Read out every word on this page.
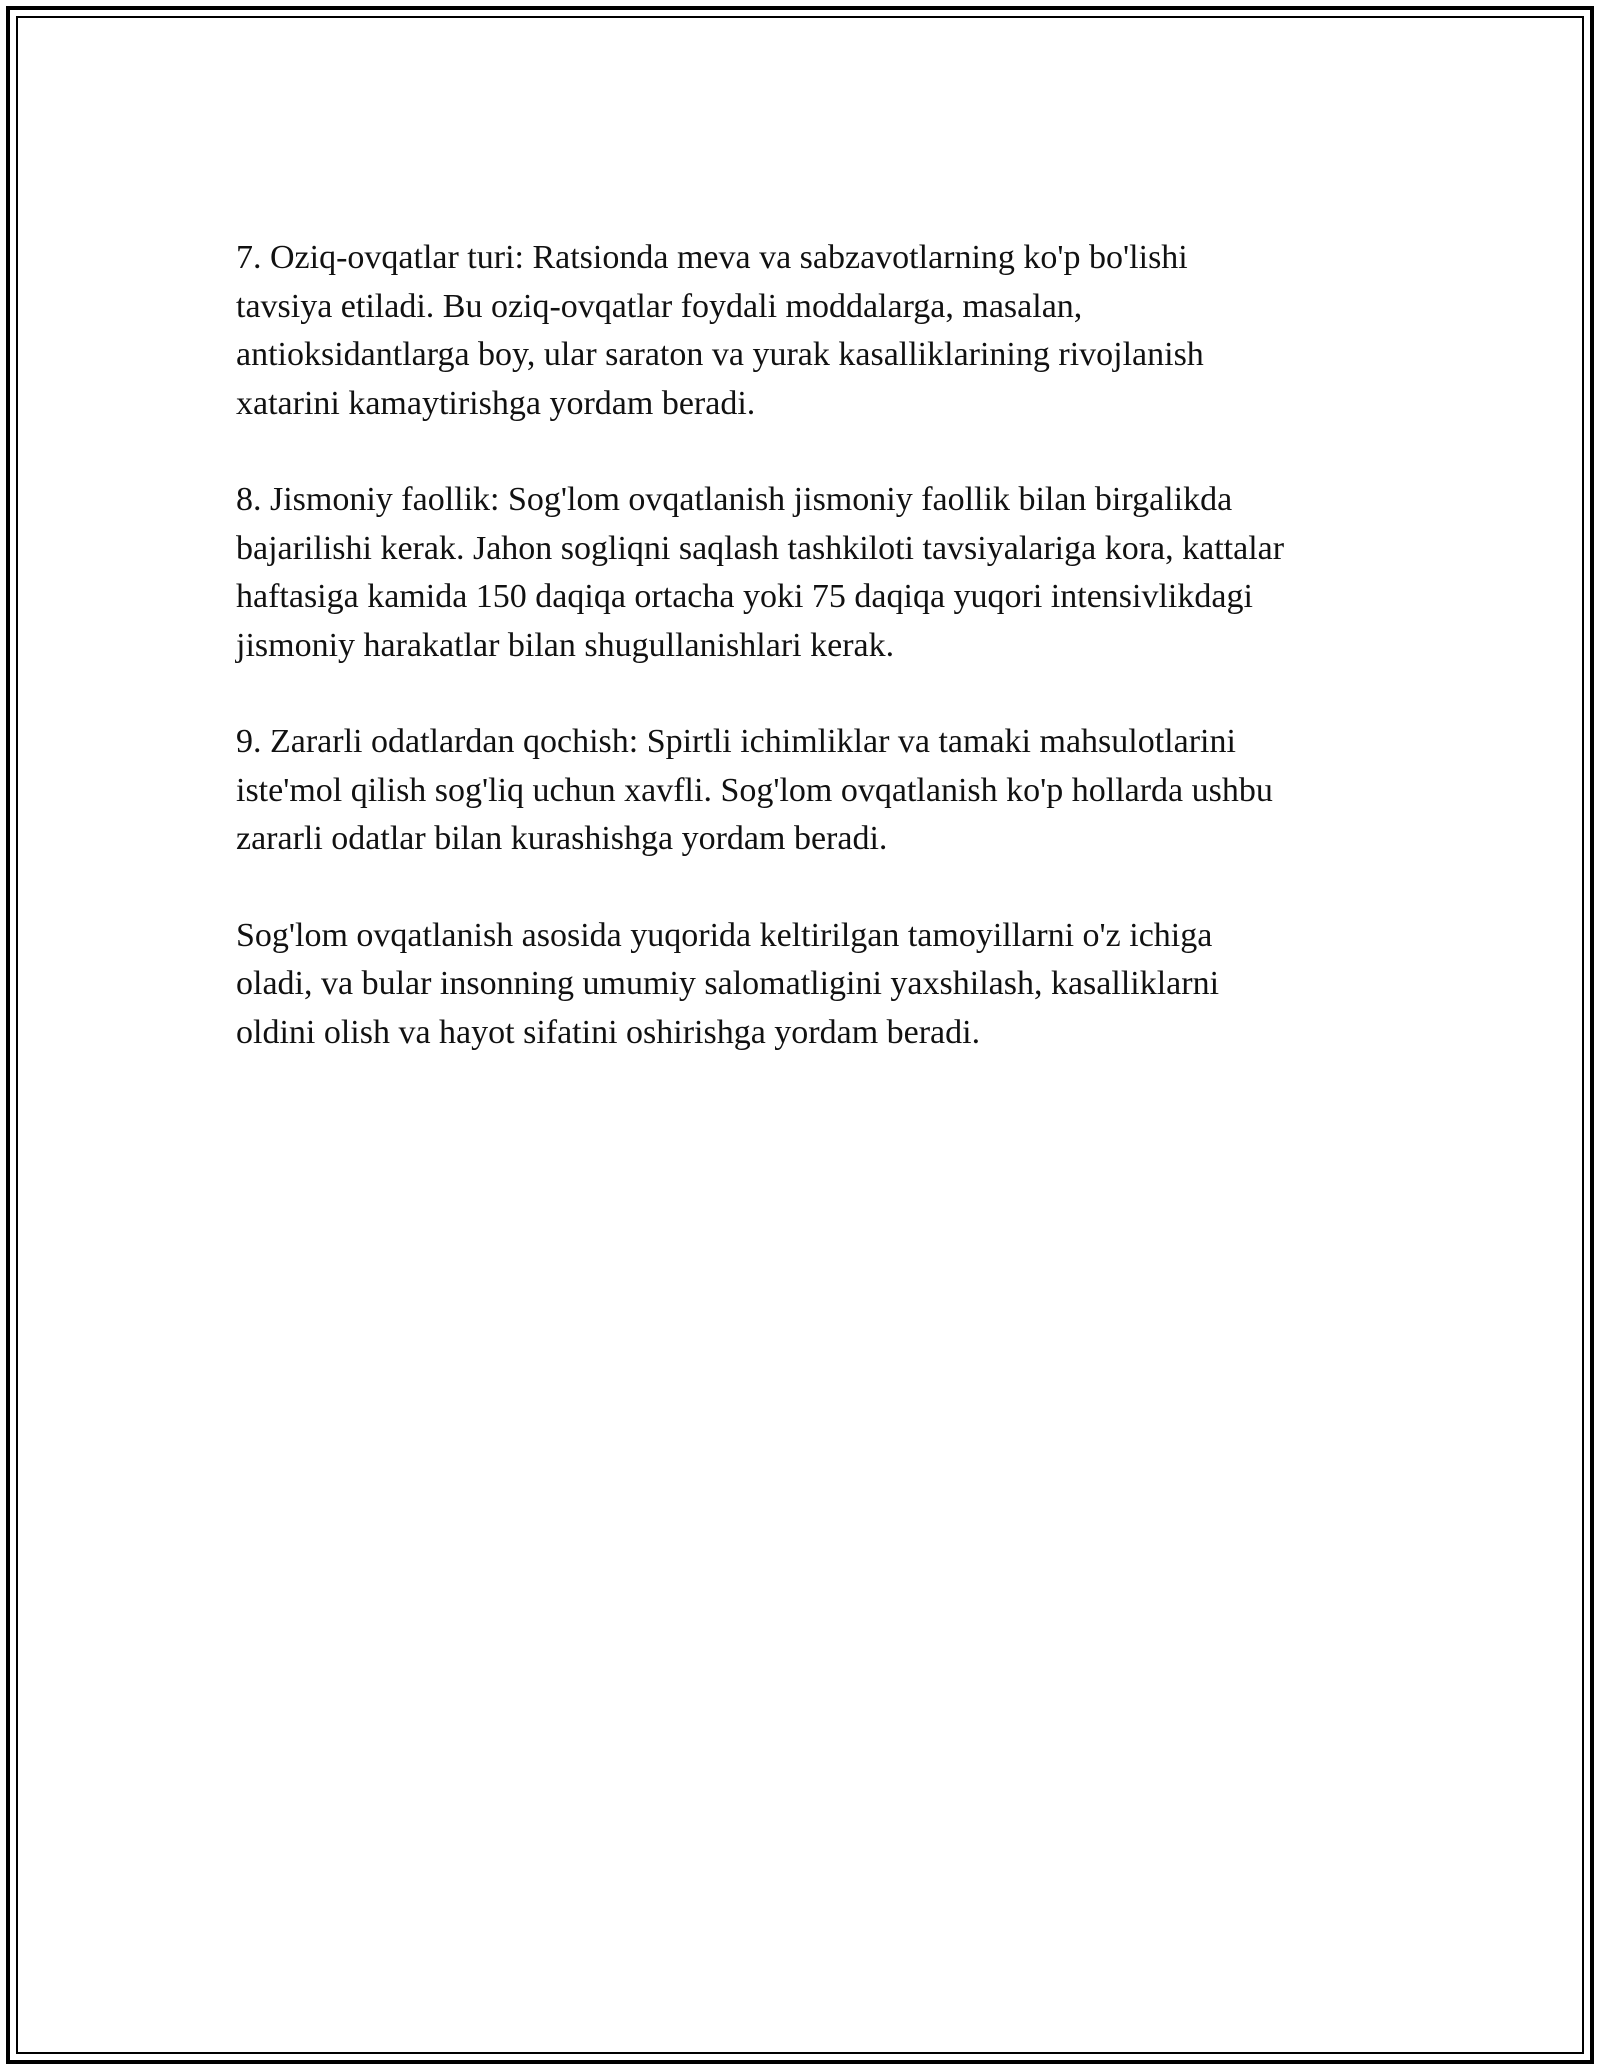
7. Oziq-ovqatlar turi: Ratsionda meva va sabzavotlarning ko'p bo'lishi
tavsiya etiladi. Bu oziq-ovqatlar foydali moddalarga, masalan,
antioksidantlarga boy, ular saraton va yurak kasalliklarining rivojlanish
xatarini kamaytirishga yordam beradi.

8. Jismoniy faollik: Sog'lom ovqatlanish jismoniy faollik bilan birgalikda
bajarilishi kerak. Jahon sogliqni saqlash tashkiloti tavsiyalariga kora, kattalar
haftasiga kamida 150 daqiqa ortacha yoki 75 daqiqa yuqori intensivlikdagi
jismoniy harakatlar bilan shugullanishlari kerak.

9. Zararli odatlardan qochish: Spirtli ichimliklar va tamaki mahsulotlarini
iste'mol qilish sog'liq uchun xavfli. Sog'lom ovqatlanish ko'p hollarda ushbu
zararli odatlar bilan kurashishga yordam beradi.

Sog'lom ovqatlanish asosida yuqorida keltirilgan tamoyillarni o'z ichiga
oladi, va bular insonning umumiy salomatligini yaxshilash, kasalliklarni
oldini olish va hayot sifatini oshirishga yordam beradi.
